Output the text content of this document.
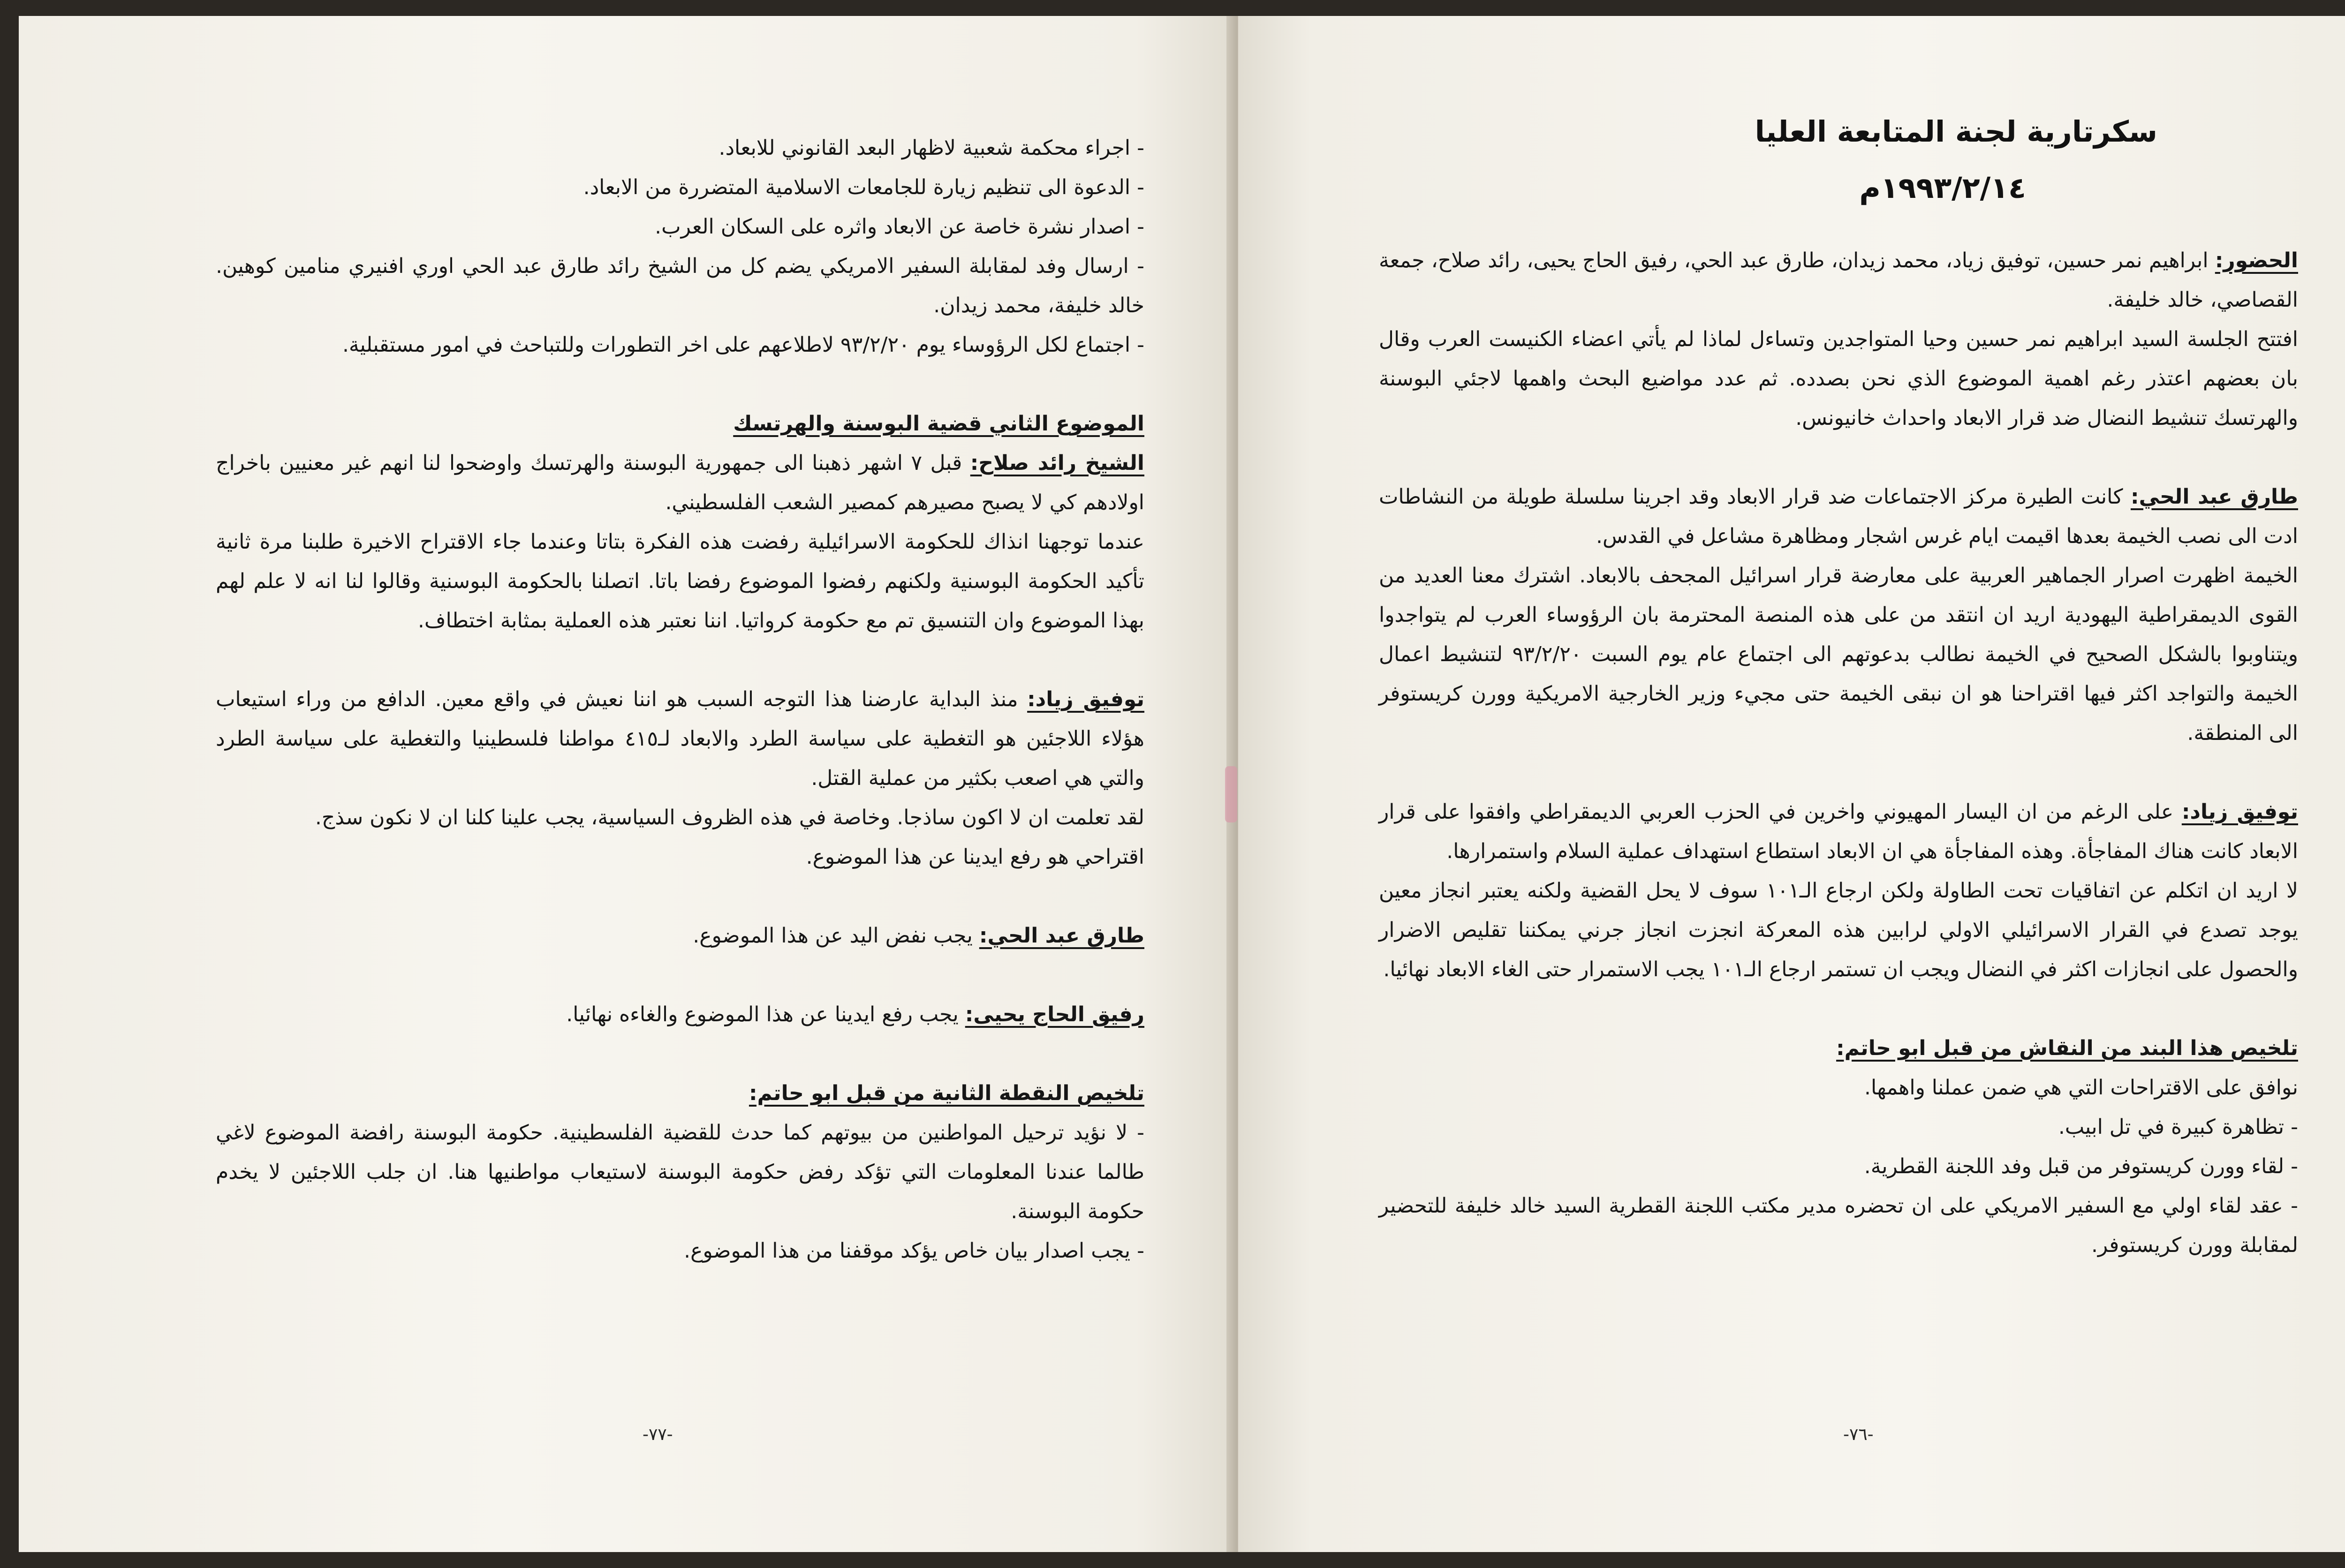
- اجراء محكمة شعبية لاظهار البعد القانوني للابعاد.

- الدعوة الى تنظيم زيارة للجامعات الاسلامية المتضررة من الابعاد.

- اصدار نشرة خاصة عن الابعاد واثره على السكان العرب.

- ارسال وفد لمقابلة السفير الامريكي يضم كل من الشيخ رائد طارق عبد الحي اوري افنيري منامين كوهين. خالد خليفة، محمد زيدان.

- اجتماع لكل الرؤوساء يوم ٩٣/٢/٢٠ لاطلاعهم على اخر التطورات وللتباحث في امور مستقبلية.

الموضوع الثاني قضية البوسنة والهرتسك

الشيخ رائد صلاح: قبل ٧ اشهر ذهبنا الى جمهورية البوسنة والهرتسك واوضحوا لنا انهم غير معنيين باخراج اولادهم كي لا يصبح مصيرهم كمصير الشعب الفلسطيني.

عندما توجهنا انذاك للحكومة الاسرائيلية رفضت هذه الفكرة بتاتا وعندما جاء الاقتراح الاخيرة طلبنا مرة ثانية تأكيد الحكومة البوسنية ولكنهم رفضوا الموضوع رفضا باتا. اتصلنا بالحكومة البوسنية وقالوا لنا انه لا علم لهم بهذا الموضوع وان التنسيق تم مع حكومة كرواتيا. اننا نعتبر هذه العملية بمثابة اختطاف.

توفيق زياد: منذ البداية عارضنا هذا التوجه السبب هو اننا نعيش في واقع معين. الدافع من وراء استيعاب هؤلاء اللاجئين هو التغطية على سياسة الطرد والابعاد لـ٤١٥ مواطنا فلسطينيا والتغطية على سياسة الطرد والتي هي اصعب بكثير من عملية القتل.

لقد تعلمت ان لا اكون ساذجا. وخاصة في هذه الظروف السياسية، يجب علينا كلنا ان لا نكون سذج.

اقتراحي هو رفع ايدينا عن هذا الموضوع.

طارق عبد الحي: يجب نفض اليد عن هذا الموضوع.

رفيق الحاج يحيى: يجب رفع ايدينا عن هذا الموضوع والغاءه نهائيا.

تلخيص النقطة الثانية من قبل ابو حاتم:

- لا نؤيد ترحيل المواطنين من بيوتهم كما حدث للقضية الفلسطينية. حكومة البوسنة رافضة الموضوع لاغي طالما عندنا المعلومات التي تؤكد رفض حكومة البوسنة لاستيعاب مواطنيها هنا. ان جلب اللاجئين لا يخدم حكومة البوسنة.

- يجب اصدار بيان خاص يؤكد موقفنا من هذا الموضوع.

-٧٧-
سكرتارية لجنة المتابعة العليا
١٩٩٣/٢/١٤م

الحضور: ابراهيم نمر حسين، توفيق زياد، محمد زيدان، طارق عبد الحي، رفيق الحاج يحيى، رائد صلاح، جمعة القصاصي، خالد خليفة.

افتتح الجلسة السيد ابراهيم نمر حسين وحيا المتواجدين وتساءل لماذا لم يأتي اعضاء الكنيست العرب وقال بان بعضهم اعتذر رغم اهمية الموضوع الذي نحن بصدده. ثم عدد مواضيع البحث واهمها لاجئي البوسنة والهرتسك تنشيط النضال ضد قرار الابعاد واحداث خانيونس.

طارق عبد الحي: كانت الطيرة مركز الاجتماعات ضد قرار الابعاد وقد اجرينا سلسلة طويلة من النشاطات ادت الى نصب الخيمة بعدها اقيمت ايام غرس اشجار ومظاهرة مشاعل في القدس.

الخيمة اظهرت اصرار الجماهير العربية على معارضة قرار اسرائيل المجحف بالابعاد. اشترك معنا العديد من القوى الديمقراطية اليهودية اريد ان انتقد من على هذه المنصة المحترمة بان الرؤوساء العرب لم يتواجدوا ويتناوبوا بالشكل الصحيح في الخيمة نطالب بدعوتهم الى اجتماع عام يوم السبت ٩٣/٢/٢٠ لتنشيط اعمال الخيمة والتواجد اكثر فيها اقتراحنا هو ان نبقى الخيمة حتى مجيء وزير الخارجية الامريكية وورن كريستوفر الى المنطقة.

توفيق زياد: على الرغم من ان اليسار المهيوني واخرين في الحزب العربي الديمقراطي وافقوا على قرار الابعاد كانت هناك المفاجأة. وهذه المفاجأة هي ان الابعاد استطاع استهداف عملية السلام واستمرارها.

لا اريد ان اتكلم عن اتفاقيات تحت الطاولة ولكن ارجاع الـ١٠١ سوف لا يحل القضية ولكنه يعتبر انجاز معين يوجد تصدع في القرار الاسرائيلي الاولي لرابين هذه المعركة انجزت انجاز جرني يمكننا تقليص الاضرار والحصول على انجازات اكثر في النضال ويجب ان تستمر ارجاع الـ١٠١ يجب الاستمرار حتى الغاء الابعاد نهائيا.

تلخيص هذا البند من النقاش من قبل ابو حاتم:

نوافق على الاقتراحات التي هي ضمن عملنا واهمها.

- تظاهرة كبيرة في تل ابيب.

- لقاء وورن كريستوفر من قبل وفد اللجنة القطرية.

- عقد لقاء اولي مع السفير الامريكي على ان تحضره مدير مكتب اللجنة القطرية السيد خالد خليفة للتحضير لمقابلة وورن كريستوفر.

-٧٦-
